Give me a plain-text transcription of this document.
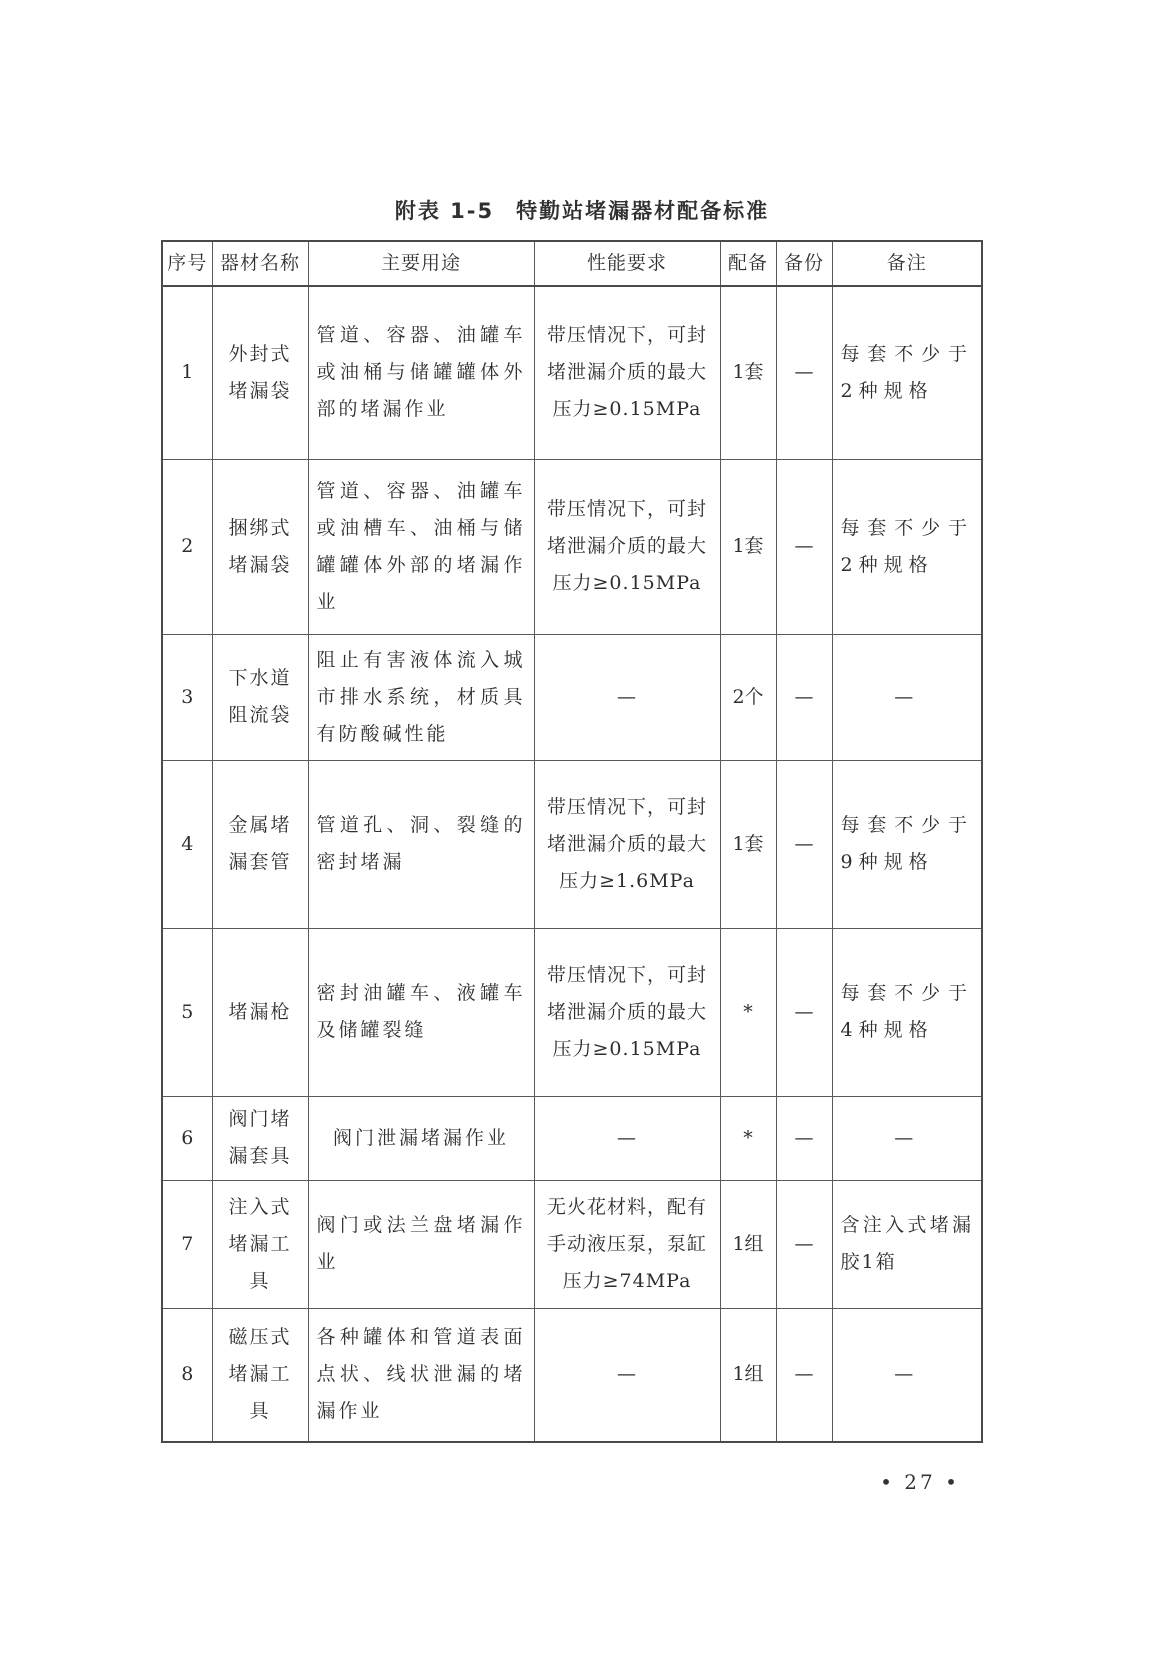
附表 1-5 特勤站堵漏器材配备标准
序号	器材名称	主要用途	性能要求	配备	备份	备注
1	外封式堵漏袋	管道、容器、油罐车或油桶与储罐罐体外部的堵漏作业	带压情况下，可封堵泄漏介质的最大压力≥0.15MPa	1套	—	每套不少于2种规格
2	捆绑式堵漏袋	管道、容器、油罐车或油槽车、油桶与储罐罐体外部的堵漏作业	带压情况下，可封堵泄漏介质的最大压力≥0.15MPa	1套	—	每套不少于2种规格
3	下水道阻流袋	阻止有害液体流入城市排水系统，材质具有防酸碱性能	—	2个	—	—
4	金属堵漏套管	管道孔、洞、裂缝的密封堵漏	带压情况下，可封堵泄漏介质的最大压力≥1.6MPa	1套	—	每套不少于9种规格
5	堵漏枪	密封油罐车、液罐车及储罐裂缝	带压情况下，可封堵泄漏介质的最大压力≥0.15MPa	*	—	每套不少于4种规格
6	阀门堵漏套具	阀门泄漏堵漏作业	—	*	—	—
7	注入式堵漏工具	阀门或法兰盘堵漏作业	无火花材料，配有手动液压泵，泵缸压力≥74MPa	1组	—	含注入式堵漏胶1箱
8	磁压式堵漏工具	各种罐体和管道表面点状、线状泄漏的堵漏作业	—	1组	—	—
• 27 •
